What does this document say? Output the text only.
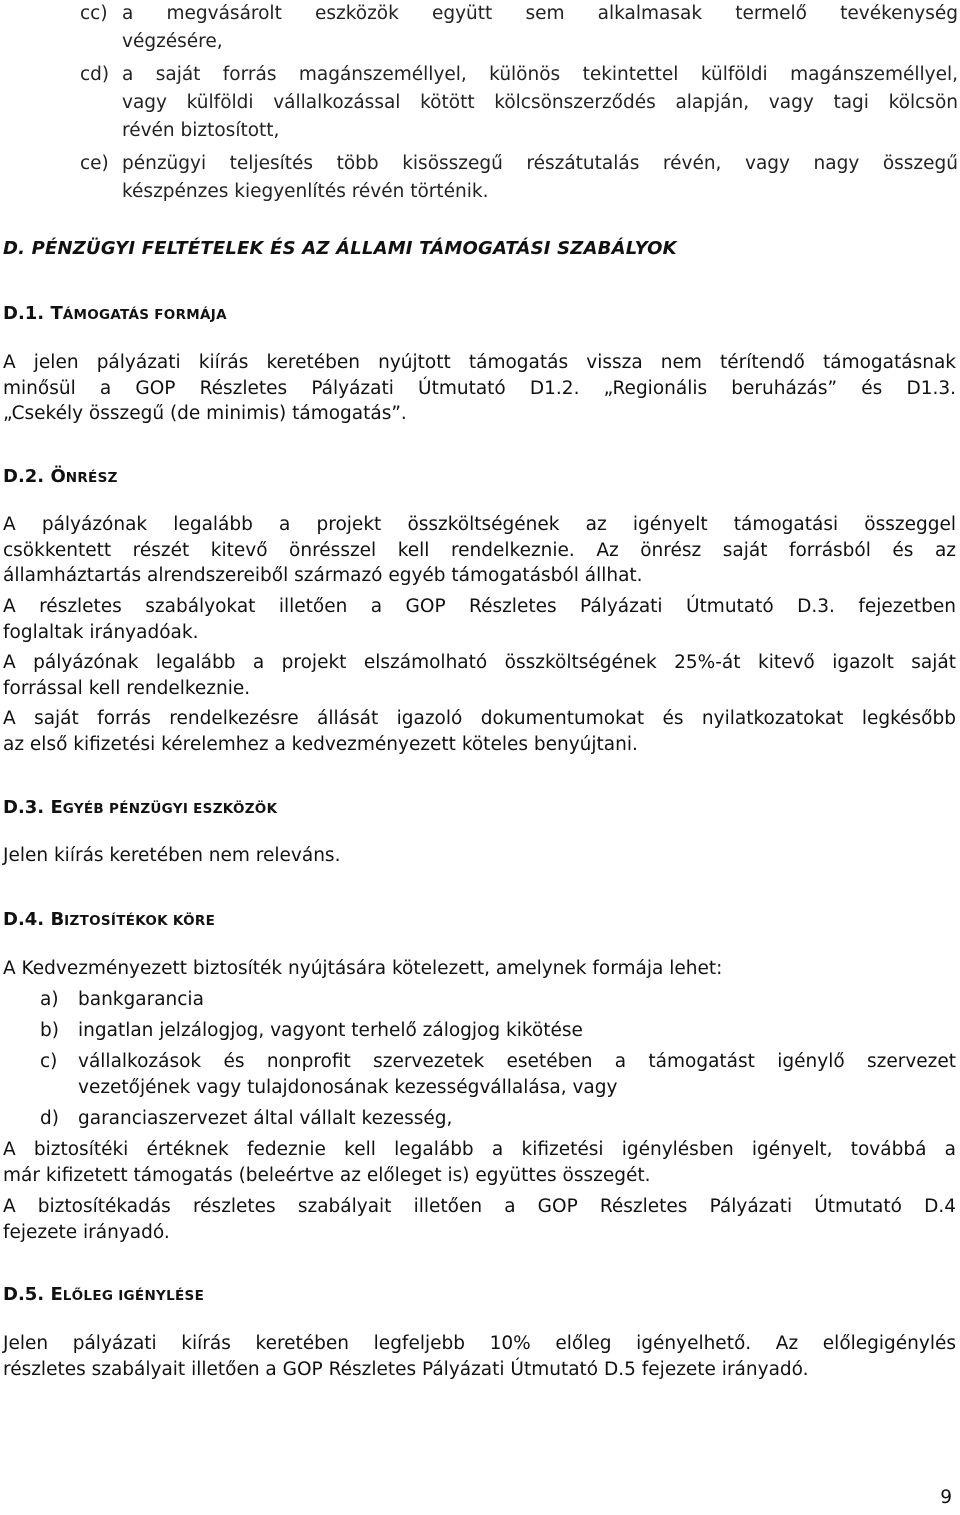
cc) a megvásárolt eszközök együtt sem alkalmasak termelő tevékenység
végzésére,
cd) a saját forrás magánszeméllyel, különös tekintettel külföldi magánszeméllyel,
vagy külföldi vállalkozással kötött kölcsönszerződés alapján, vagy tagi kölcsön
révén biztosított,
ce) pénzügyi teljesítés több kisösszegű részátutalás révén, vagy nagy összegű
készpénzes kiegyenlítés révén történik.
D. PÉNZÜGYI FELTÉTELEK ÉS AZ ÁLLAMI TÁMOGATÁSI SZABÁLYOK
D.1. TÁMOGATÁS FORMÁJA
A jelen pályázati kiírás keretében nyújtott támogatás vissza nem térítendő támogatásnak
minősül a GOP Részletes Pályázati Útmutató D1.2. „Regionális beruházás” és D1.3.
„Csekély összegű (de minimis) támogatás”.
D.2. ÖNRÉSZ
A pályázónak legalább a projekt összköltségének az igényelt támogatási összeggel
csökkentett részét kitevő önrésszel kell rendelkeznie. Az önrész saját forrásból és az
államháztartás alrendszereiből származó egyéb támogatásból állhat.
A részletes szabályokat illetően a GOP Részletes Pályázati Útmutató D.3. fejezetben
foglaltak irányadóak.
A pályázónak legalább a projekt elszámolható összköltségének 25%-át kitevő igazolt saját
forrással kell rendelkeznie.
A saját forrás rendelkezésre állását igazoló dokumentumokat és nyilatkozatokat legkésőbb
az első kifizetési kérelemhez a kedvezményezett köteles benyújtani.
D.3. EGYÉB PÉNZÜGYI ESZKÖZÖK
Jelen kiírás keretében nem releváns.
D.4. BIZTOSÍTÉKOK KÖRE
A Kedvezményezett biztosíték nyújtására kötelezett, amelynek formája lehet:
a) bankgarancia
b) ingatlan jelzálogjog, vagyont terhelő zálogjog kikötése
c) vállalkozások és nonprofit szervezetek esetében a támogatást igénylő szervezet
vezetőjének vagy tulajdonosának kezességvállalása, vagy
d) garanciaszervezet által vállalt kezesség,
A biztosítéki értéknek fedeznie kell legalább a kifizetési igénylésben igényelt, továbbá a
már kifizetett támogatás (beleértve az előleget is) együttes összegét.
A biztosítékadás részletes szabályait illetően a GOP Részletes Pályázati Útmutató D.4
fejezete irányadó.
D.5. ELŐLEG IGÉNYLÉSE
Jelen pályázati kiírás keretében legfeljebb 10% előleg igényelhető. Az előlegigénylés
részletes szabályait illetően a GOP Részletes Pályázati Útmutató D.5 fejezete irányadó.
9
